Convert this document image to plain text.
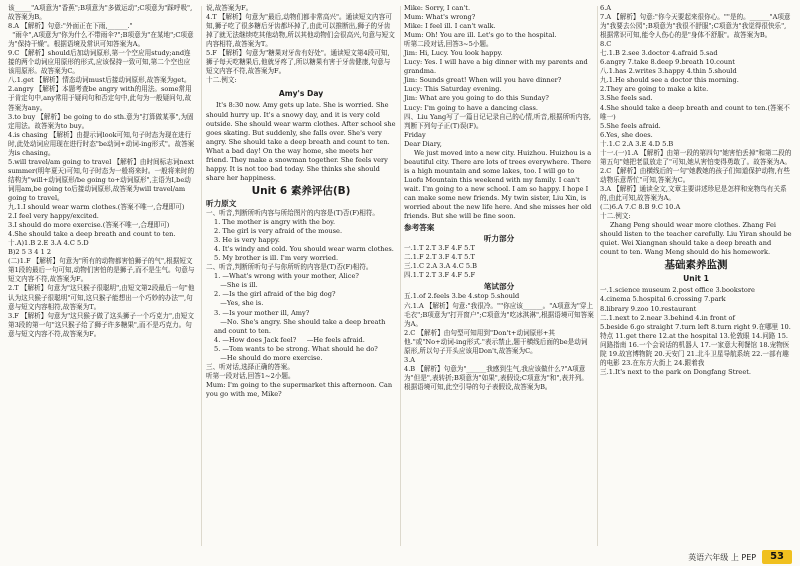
该_____"A项意为"香蕉";B项意为"多做运动";C项意为"踩呼吸",故答案为B。

8.A 【解析】句意:"外面正在下雨,______."

"雨伞",A项意为"你为什么不带雨伞?";B项意为"在某地";C项意为"保持干燥"。根据语境及常识可知答案为A。

9.C 【解析】should后加动词原形,第一个空应用study;and连接的两个动词应用原形的形式,应该保持一致可知,第二个空也应该用原形。故答案为C。

八.1.get 【解析】情态动词must后接动词原形,故答案为get。

2.angry 【解析】本题考查be angry with的用法。some常用于肯定句中,any常用于疑问句和否定句中,此句为一般疑问句,故答案为any。

3.to buy 【解析】be going to do sth.意为"打算做某事",为固定用法。故答案为to buy。

4.is chasing 【解析】由提示词look可知,句子时态为现在进行时,此处动词应用现在进行时态"be动词+动词-ing形式"。故答案为is chasing。

5.will travel/am going to travel 【解析】由时间标志词next summer(明年夏天)可知,句子时态为一般将来时。一般将来时的结构为"will+动词原形/be going to+动词原形",主语为I,be动词用am,be going to后接动词原形,故答案为will travel/am going to travel。

九.1.I should wear warm clothes.(答案不唯一,合理即可)

2.I feel very happy/excited.

3.I should do more exercise.(答案不唯一,合理即可)

4.She should take a deep breath and count to ten.

十.A)1.B 2.E 3.A 4.C 5.D

B)2 5 3 4 1 2

(二)1.F 【解析】句意为"所有的动物都害怕狮子的气",根据短文第1段的最后一句可知,动物们害怕的是狮子,而不是生气。句意与短文内容不符,故答案为F。

2.T 【解析】句意为"这只猴子很聪明",由短文第2段最后一句"他认为这只猴子很聪明"可知,这只猴子能想出一个巧妙的办法"",句意与短文内容相符,故答案为T。

3.F 【解析】句意为"这只猴子做了这头狮子一个巧克力",由短文第3段的第一句"这只猴子给了狮子许多糖果",而不是巧克力。句意与短文内容不符,故答案为F。

说,故答案为F。

4.T 【解析】句意为"最后,动物们都非常高兴"。通读短文内容可知,狮子吃了很多糖后牙齿都坏掉了,由此可以推断出,狮子的牙齿掉了就无法继续吃其他动物,所以其他动物们会很高兴,句意与短文内容相符,故答案为T。

5.F 【解析】句意为"糖果对牙齿有好处"。通读短文第4段可知,狮子每天吃糖果后,他就牙疼了,所以糖果有害于牙齿健康,句意与短文内容不符,故答案为F。

十二.例文:

Amy's Day

It's 8:30 now. Amy gets up late. She is worried. She should hurry up. It's a snowy day, and it is very cold outside. She should wear warm clothes. After school she goes skating. But suddenly, she falls over. She's very angry. She should take a deep breath and count to ten. What a bad day! On the way home, she meets her friend. They make a snowman together. She feels very happy. It is not too bad today. She thinks she should share her happiness.

Unit 6 素养评估(B)
听力原文

一、听音,判断所听内容与所给图片的内容是(T)否(F)相符。

1. The mother is angry with the boy.

2. The girl is very afraid of the mouse.

3. He is very happy.

4. It's windy and cold. You should wear warm clothes.

5. My brother is ill. I'm very worried.

二、听音,判断所听句子与你所听的内容是(T)否(F)相符。

1. —What's wrong with your mother, Alice?

—She is ill.

2. —Is the girl afraid of the big dog?

—Yes, she is.

3. —Is your mother ill, Amy?

—No. She's angry. She should take a deep breath and count to ten.

4. —How does Jack feel?     —He feels afraid.

5. —Tom wants to be strong. What should he do?

—He should do more exercise.

三、听对话,选择正确的答案。

听第一段对话,回答1~2小题。

Mum: I'm going to the supermarket this afternoon. Can you go with me, Mike?

Mike: Sorry, I can't.

Mum: What's wrong?

Mike: I feel ill. I can't walk.

Mum: Oh! You are ill. Let's go to the hospital.

听第二段对话,回答3~5小题。

Jim: Hi, Lucy. You look happy.

Lucy: Yes. I will have a big dinner with my parents and grandma.

Jim: Sounds great! When will you have dinner?

Lucy: This Saturday evening.

Jim: What are you going to do this Sunday?

Lucy: I'm going to have a dancing class.

四、Liu Yang写了一篇日记记录自己的心情,听音,根据所听内容,判断下列句子正(T)误(F)。

Friday

Dear Diary,

We just moved into a new city. Huizhou. Huizhou is a beautiful city. There are lots of trees everywhere. There is a high mountain and some lakes, too. I will go to Luofu Mountain this weekend with my family. I can't wait. I'm going to a new school. I am so happy. I hope I can make some new friends. My twin sister, Liu Xin, is worried about the new life here. And she misses her old friends. But she will be fine soon.

参考答案
听力部分

一.1.T 2.T 3.F 4.F 5.T

二.1.F 2.T 3.F 4.T 5.T

三.1.C 2.A 3.A 4.C 5.B

四.1.T 2.T 3.F 4.F 5.F

笔试部分

五.1.of 2.feels 3.be 4.stop 5.should

六.1.A 【解析】句意:"我很冷。""你应该______。"A项意为"穿上毛衣";B项意为"打开窗户";C项意为"吃冰淇淋",根据语境可知答案为A。

2.C 【解析】由句型可知用到"Don't+动词原形+其他."或"No+动词-ing形式."表示禁止,题干横线后面的be是动词原形,所以句子开头应该用Don't,故答案为C。

3.A

4.B 【解析】句意为"______我感到生气,我应该做什么?"A项意为"但是",表转折;B项意为"如果",表假设;C项意为"和",表并列。根据语境可知,此空引导的句子表假设,故答案为B。

6.A

7.A 【解析】句意:"你今天要起来很你心。""是的。______"A项意为"我要去公园";B项意为"我很不舒服";C项意为"我觉得很快乐",根据常识可知,能令人伤心的是"身体不舒服"。故答案为B。

8.C

七.1.B 2.see 3.doctor 4.afraid 5.sad

6.angry 7.take 8.deep 9.breath 10.count

八.1.has 2.writes 3.happy 4.thin 5.should

九.1.He should see a doctor this morning.

2.They are going to make a kite.

3.She feels sad.

4.She should take a deep breath and count to ten.(答案不唯一)

5.She feels afraid.

6.Yes, she does.

十.1.C 2.A 3.E 4.D 5.B

十一.(一)1.A 【解析】由第一段的第四句"她害怕丢掉"和第二段的第五句"她把老鼠放走了"可知,她从害怕变得勇敢了。故答案为A。

2.C 【解析】由横线后的一句"她教她的孩子们知道保护动物,有些动物乐意帮忙"可知,答案为C。

3.A 【解析】通读全文,文章主要讲述珍尼是怎样和宠物鸟有关系的,由此可知,故答案为A。

(二)6.A 7.C 8.B 9.C 10.A

十二.例文:

Zhang Peng should wear more clothes. Zhang Fei should listen to the teacher carefully. Liu Yiran should be quiet. Wei Xiangnan should take a deep breath and count to ten. Wang Meng should do his homework.

基础素养监测
Unit 1

一.1.science museum 2.post office 3.bookstore

4.cinema 5.hospital 6.crossing 7.park

8.library 9.zoo 10.restaurant

二.1.next to 2.near 3.behind 4.in front of

5.beside 6.go straight 7.turn left 8.turn right 9.在哪里 10.特点 11.get there 12.at the hospital 13.伦敦眼 14.问路 15.问路指南 16.一个会说话的机器人 17.一家意大利餐馆 18.宠物医院 19.故宫博物院 20.天安门 21.北斗卫星导航系统 22.一部有趣的电影 23.在东方大街上 24.跟着我

三.1.It's next to the park on Dongfang Street.

英语六年级 上 PEP	53
